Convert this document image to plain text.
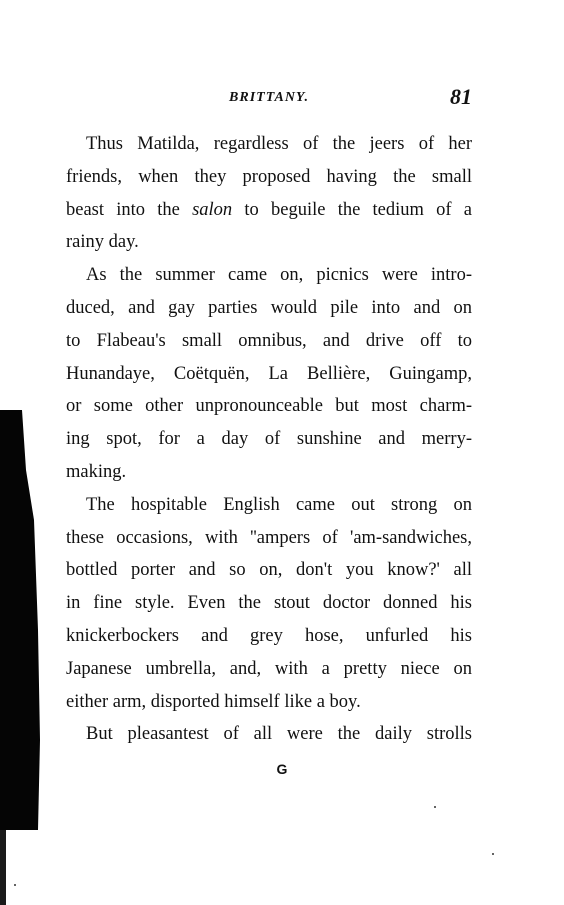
BRITTANY.	81
Thus Matilda, regardless of the jeers of her
friends, when they proposed having the small
beast into the salon to beguile the tedium of a
rainy day.
As the summer came on, picnics were intro-
duced, and gay parties would pile into and on
to Flabeau's small omnibus, and drive off to
Hunandaye, Coëtquën, La Bellière, Guingamp,
or some other unpronounceable but most charm-
ing spot, for a day of sunshine and merry-
making.
The hospitable English came out strong on
these occasions, with ''ampers of 'am-sandwiches,
bottled porter and so on, don't you know?' all
in fine style. Even the stout doctor donned his
knickerbockers and grey hose, unfurled his
Japanese umbrella, and, with a pretty niece on
either arm, disported himself like a boy.
But pleasantest of all were the daily strolls
G
